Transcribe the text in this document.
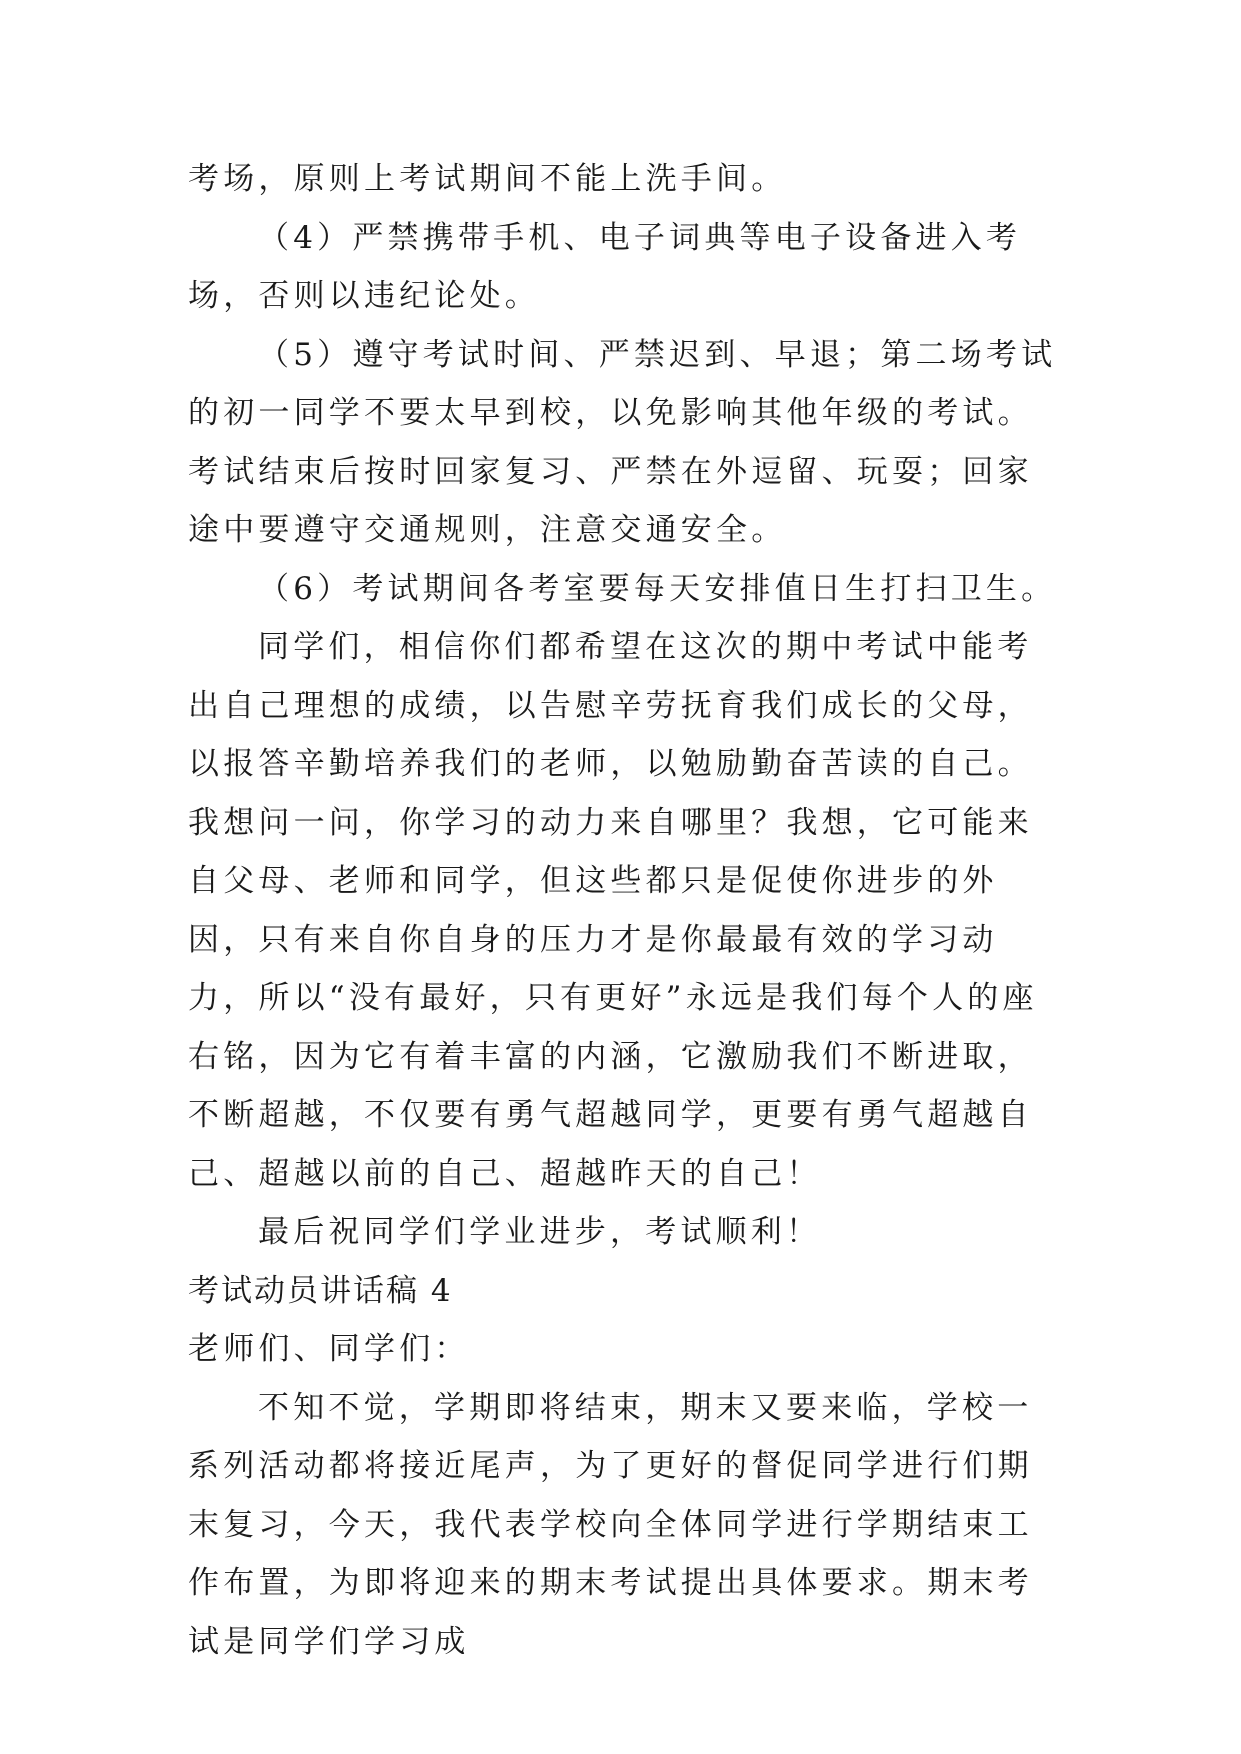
考场，原则上考试期间不能上洗手间。

（4）严禁携带手机、电子词典等电子设备进入考场，否则以违纪论处。

（5）遵守考试时间、严禁迟到、早退；第二场考试的初一同学不要太早到校，以免影响其他年级的考试。考试结束后按时回家复习、严禁在外逗留、玩耍；回家途中要遵守交通规则，注意交通安全。

（6）考试期间各考室要每天安排值日生打扫卫生。

同学们，相信你们都希望在这次的期中考试中能考出自己理想的成绩，以告慰辛劳抚育我们成长的父母，以报答辛勤培养我们的老师，以勉励勤奋苦读的自己。我想问一问，你学习的动力来自哪里？我想，它可能来自父母、老师和同学，但这些都只是促使你进步的外因，只有来自你自身的压力才是你最最有效的学习动力，所以“没有最好，只有更好”永远是我们每个人的座右铭，因为它有着丰富的内涵，它激励我们不断进取，不断超越，不仅要有勇气超越同学，更要有勇气超越自己、超越以前的自己、超越昨天的自己！

最后祝同学们学业进步，考试顺利！

考试动员讲话稿 4

老师们、同学们：

不知不觉，学期即将结束，期末又要来临，学校一系列活动都将接近尾声，为了更好的督促同学进行们期末复习，今天，我代表学校向全体同学进行学期结束工作布置，为即将迎来的期末考试提出具体要求。期末考试是同学们学习成
